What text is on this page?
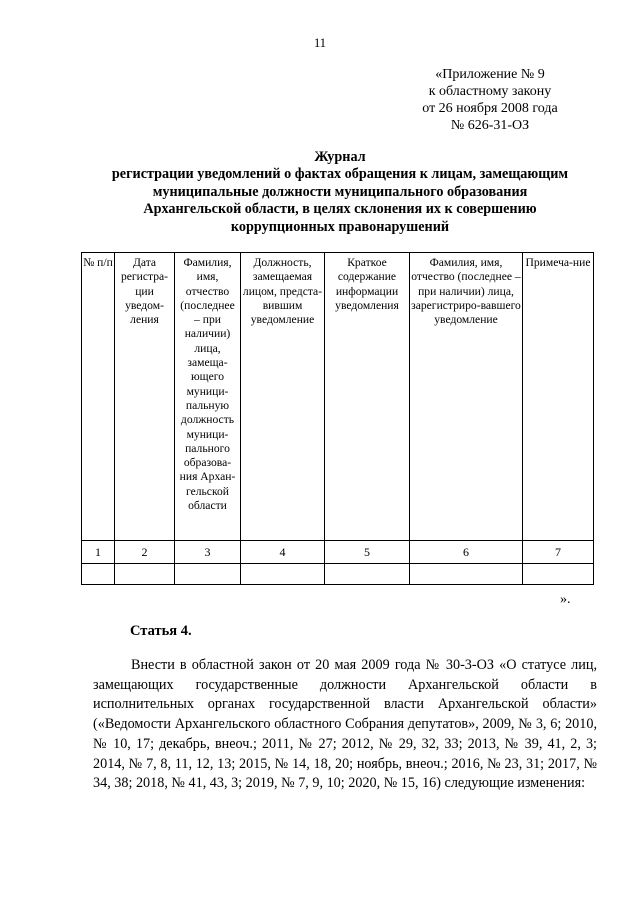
11
«Приложение № 9
к областному закону
от 26 ноября 2008 года
№ 626-31-ОЗ
Журнал
регистрации уведомлений о фактах обращения к лицам, замещающим
муниципальные должности муниципального образования
Архангельской области, в целях склонения их к совершению
коррупционных правонарушений
№ п/п	Дата регистра-ции уведом-ления	Фамилия, имя, отчество (последнее – при наличии) лица, замеща-ющего муници-пальную должность муници-пального образова-ния Архан-гельской области	Должность, замещаемая лицом, предста-вившим уведомление	Краткое содержание информации уведомления	Фамилия, имя, отчество (последнее – при наличии) лица, зарегистриро-вавшего уведомление	Примеча-ние
1	2	3	4	5	6	7

».
Статья 4.

Внести в областной закон от 20 мая 2009 года № 30-3-ОЗ «О статусе лиц, замещающих государственные должности Архангельской области в исполнительных органах государственной власти Архангельской области» («Ведомости Архангельского областного Собрания депутатов», 2009, № 3, 6; 2010, № 10, 17; декабрь, внеоч.; 2011, № 27; 2012, № 29, 32, 33; 2013, № 39, 41, 2, 3; 2014, № 7, 8, 11, 12, 13; 2015, № 14, 18, 20; ноябрь, внеоч.; 2016, № 23, 31; 2017, № 34, 38; 2018, № 41, 43, 3; 2019, № 7, 9, 10; 2020, № 15, 16) следующие изменения:
